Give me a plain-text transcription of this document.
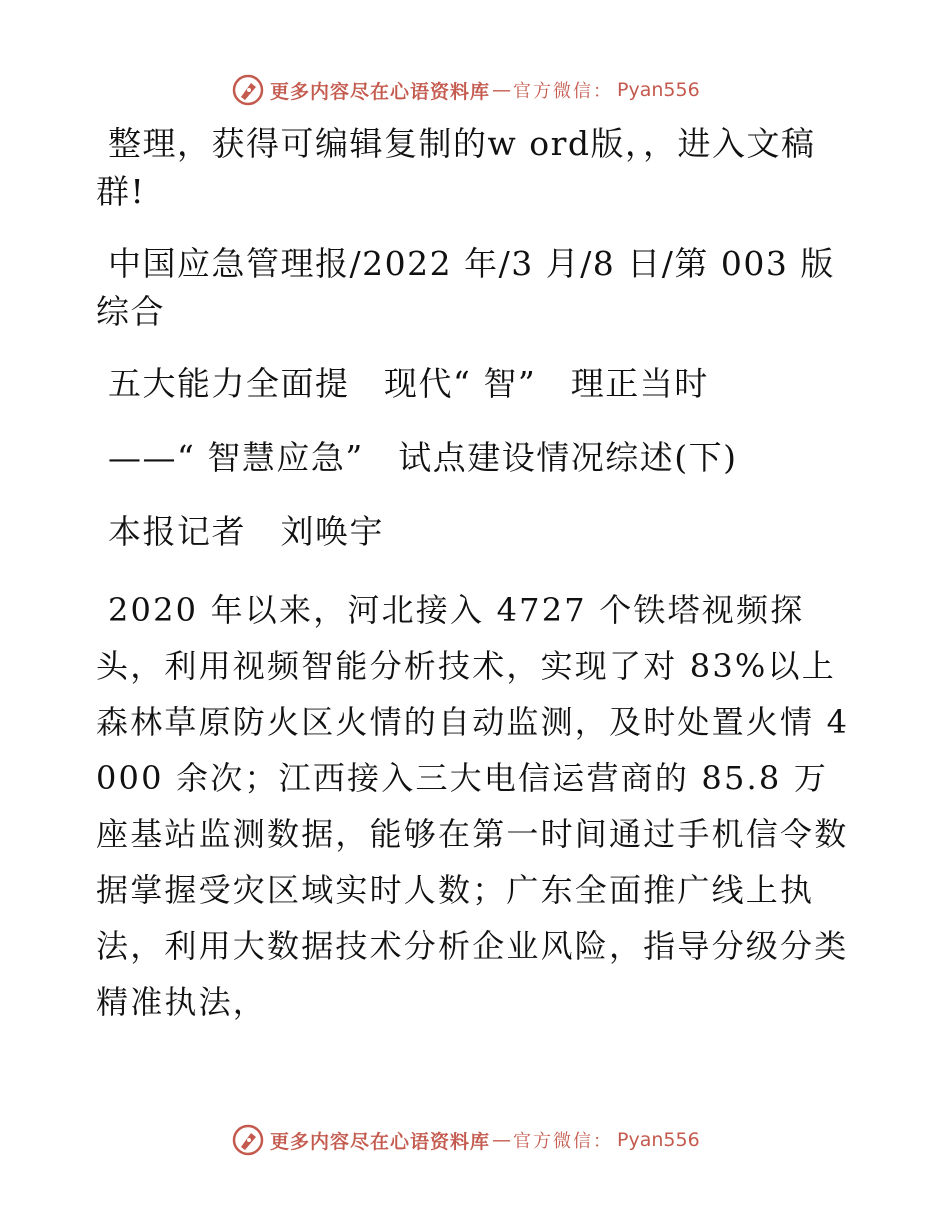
更多内容尽在心语资料库 — 官方微信： Pyan556

整理，获得可编辑复制的w ord版，，进入文稿群!

中国应急管理报/2022 年/3 月/8 日/第 003 版综合

五大能力全面提　现代“ 智”　理正当时

——“ 智慧应急”　试点建设情况综述(下)

本报记者　刘唤宇

2020 年以来，河北接入 4727 个铁塔视频探头，利用视频智能分析技术，实现了对 83%以上森林草原防火区火情的自动监测，及时处置火情 4000 余次；江西接入三大电信运营商的 85.8 万座基站监测数据，能够在第一时间通过手机信令数据掌握受灾区域实时人数；广东全面推广线上执法，利用大数据技术分析企业风险，指导分级分类精准执法，

更多内容尽在心语资料库 — 官方微信： Pyan556
